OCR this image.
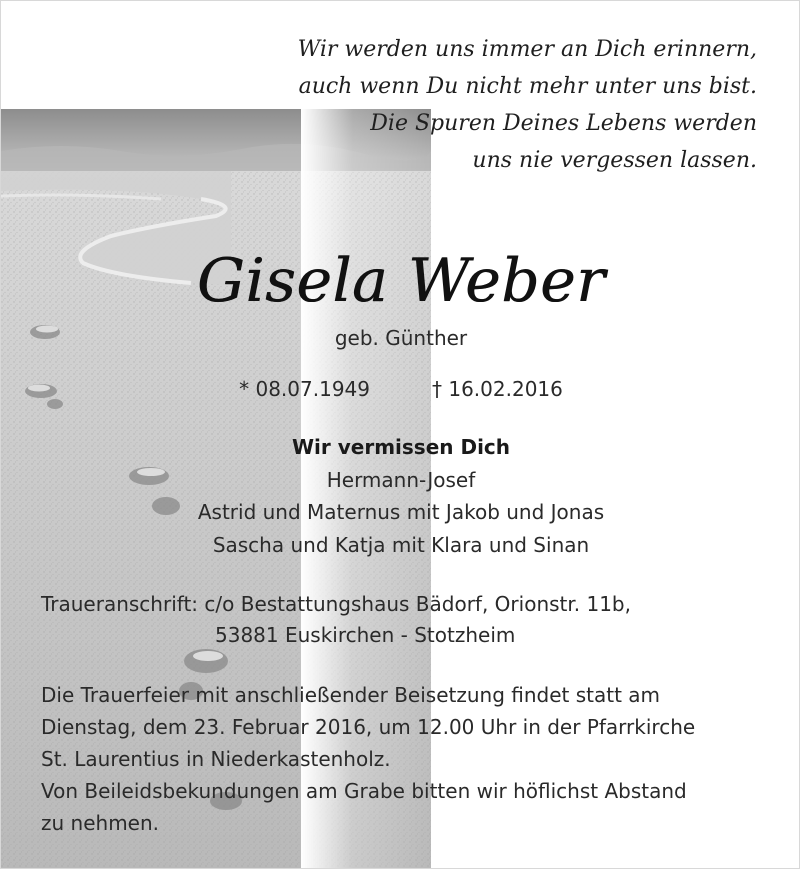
Wir werden uns immer an Dich erinnern,
auch wenn Du nicht mehr unter uns bist.
Die Spuren Deines Lebens werden
uns nie vergessen lassen.
Gisela Weber
geb. Günther
* 08.07.1949	† 16.02.2016
Wir vermissen Dich
Hermann-Josef
Astrid und Maternus mit Jakob und Jonas
Sascha und Katja mit Klara und Sinan
Traueranschrift: c/o Bestattungshaus Bädorf, Orionstr. 11b,
53881 Euskirchen - Stotzheim
Die Trauerfeier mit anschließender Beisetzung findet statt am
Dienstag, dem 23. Februar 2016, um 12.00 Uhr in der Pfarrkirche
St. Laurentius in Niederkastenholz.
Von Beileidsbekundungen am Grabe bitten wir höflichst Abstand
zu nehmen.
